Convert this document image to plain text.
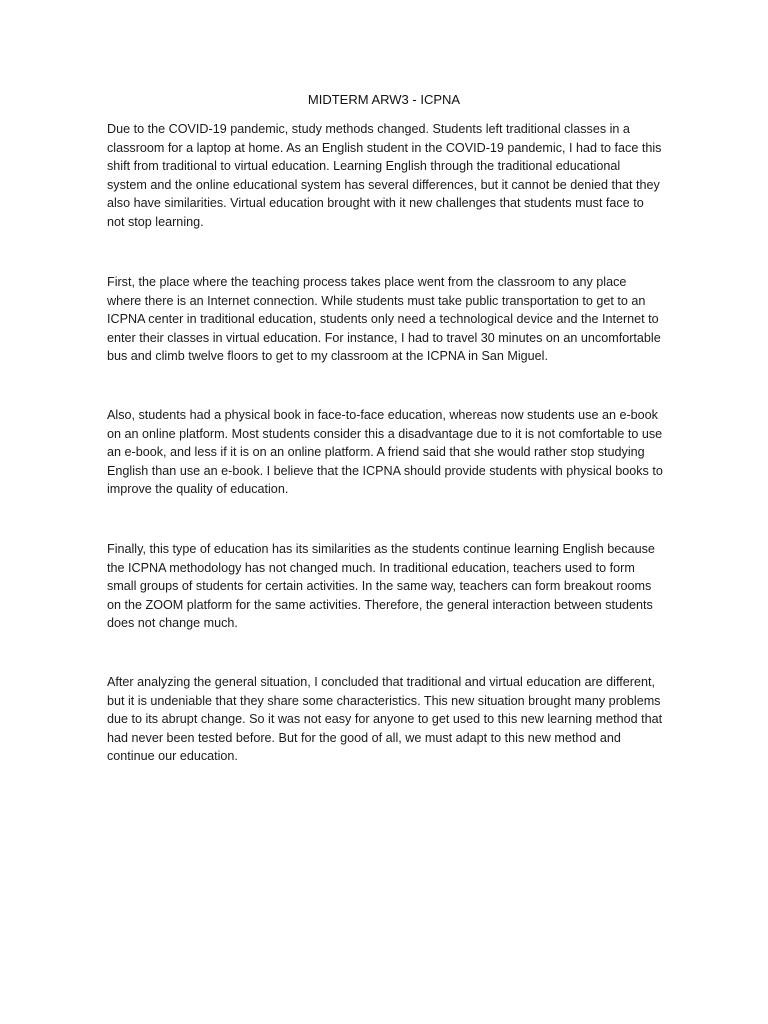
MIDTERM ARW3 - ICPNA

Due to the COVID-19 pandemic, study methods changed. Students left traditional classes in a classroom for a laptop at home. As an English student in the COVID-19 pandemic, I had to face this shift from traditional to virtual education. Learning English through the traditional educational system and the online educational system has several differences, but it cannot be denied that they also have similarities. Virtual education brought with it new challenges that students must face to not stop learning.

First, the place where the teaching process takes place went from the classroom to any place where there is an Internet connection. While students must take public transportation to get to an ICPNA center in traditional education, students only need a technological device and the Internet to enter their classes in virtual education. For instance, I had to travel 30 minutes on an uncomfortable bus and climb twelve floors to get to my classroom at the ICPNA in San Miguel.

Also, students had a physical book in face-to-face education, whereas now students use an e-book on an online platform. Most students consider this a disadvantage due to it is not comfortable to use an e-book, and less if it is on an online platform. A friend said that she would rather stop studying English than use an e-book. I believe that the ICPNA should provide students with physical books to improve the quality of education.

Finally, this type of education has its similarities as the students continue learning English because the ICPNA methodology has not changed much. In traditional education, teachers used to form small groups of students for certain activities. In the same way, teachers can form breakout rooms on the ZOOM platform for the same activities. Therefore, the general interaction between students does not change much.

After analyzing the general situation, I concluded that traditional and virtual education are different, but it is undeniable that they share some characteristics. This new situation brought many problems due to its abrupt change. So it was not easy for anyone to get used to this new learning method that had never been tested before. But for the good of all, we must adapt to this new method and continue our education.
